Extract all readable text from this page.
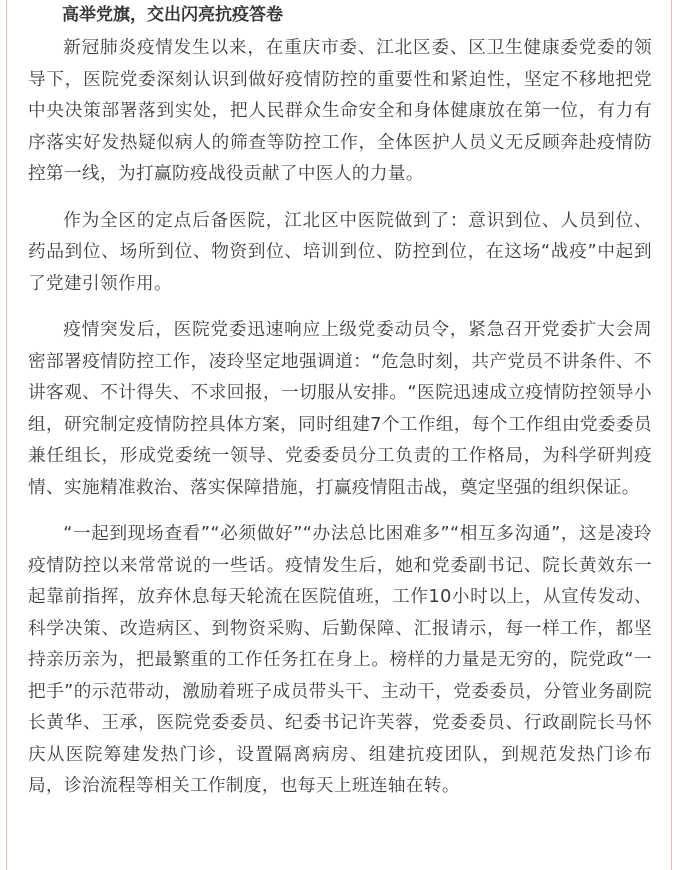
高举党旗，交出闪亮抗疫答卷

新冠肺炎疫情发生以来，在重庆市委、江北区委、区卫生健康委党委的领导下，医院党委深刻认识到做好疫情防控的重要性和紧迫性，坚定不移地把党中央决策部署落到实处，把人民群众生命安全和身体健康放在第一位，有力有序落实好发热疑似病人的筛查等防控工作，全体医护人员义无反顾奔赴疫情防控第一线，为打赢防疫战役贡献了中医人的力量。

作为全区的定点后备医院，江北区中医院做到了：意识到位、人员到位、药品到位、场所到位、物资到位、培训到位、防控到位，在这场“战疫”中起到了党建引领作用。

疫情突发后，医院党委迅速响应上级党委动员令，紧急召开党委扩大会周密部署疫情防控工作，凌玲坚定地强调道：“危急时刻，共产党员不讲条件、不讲客观、不计得失、不求回报，一切服从安排。“医院迅速成立疫情防控领导小组，研究制定疫情防控具体方案，同时组建7个工作组，每个工作组由党委委员兼任组长，形成党委统一领导、党委委员分工负责的工作格局，为科学研判疫情、实施精准救治、落实保障措施，打赢疫情阻击战，奠定坚强的组织保证。

“一起到现场查看”“必须做好”“办法总比困难多”“相互多沟通”，这是凌玲疫情防控以来常常说的一些话。疫情发生后，她和党委副书记、院长黄效东一起靠前指挥，放弃休息每天轮流在医院值班，工作10小时以上，从宣传发动、科学决策、改造病区、到物资采购、后勤保障、汇报请示，每一样工作，都坚持亲历亲为，把最繁重的工作任务扛在身上。榜样的力量是无穷的，院党政“一把手”的示范带动，激励着班子成员带头干、主动干，党委委员，分管业务副院长黄华、王承，医院党委委员、纪委书记许芙蓉，党委委员、行政副院长马怀庆从医院筹建发热门诊，设置隔离病房、组建抗疫团队，到规范发热门诊布局，诊治流程等相关工作制度，也每天上班连轴在转。
